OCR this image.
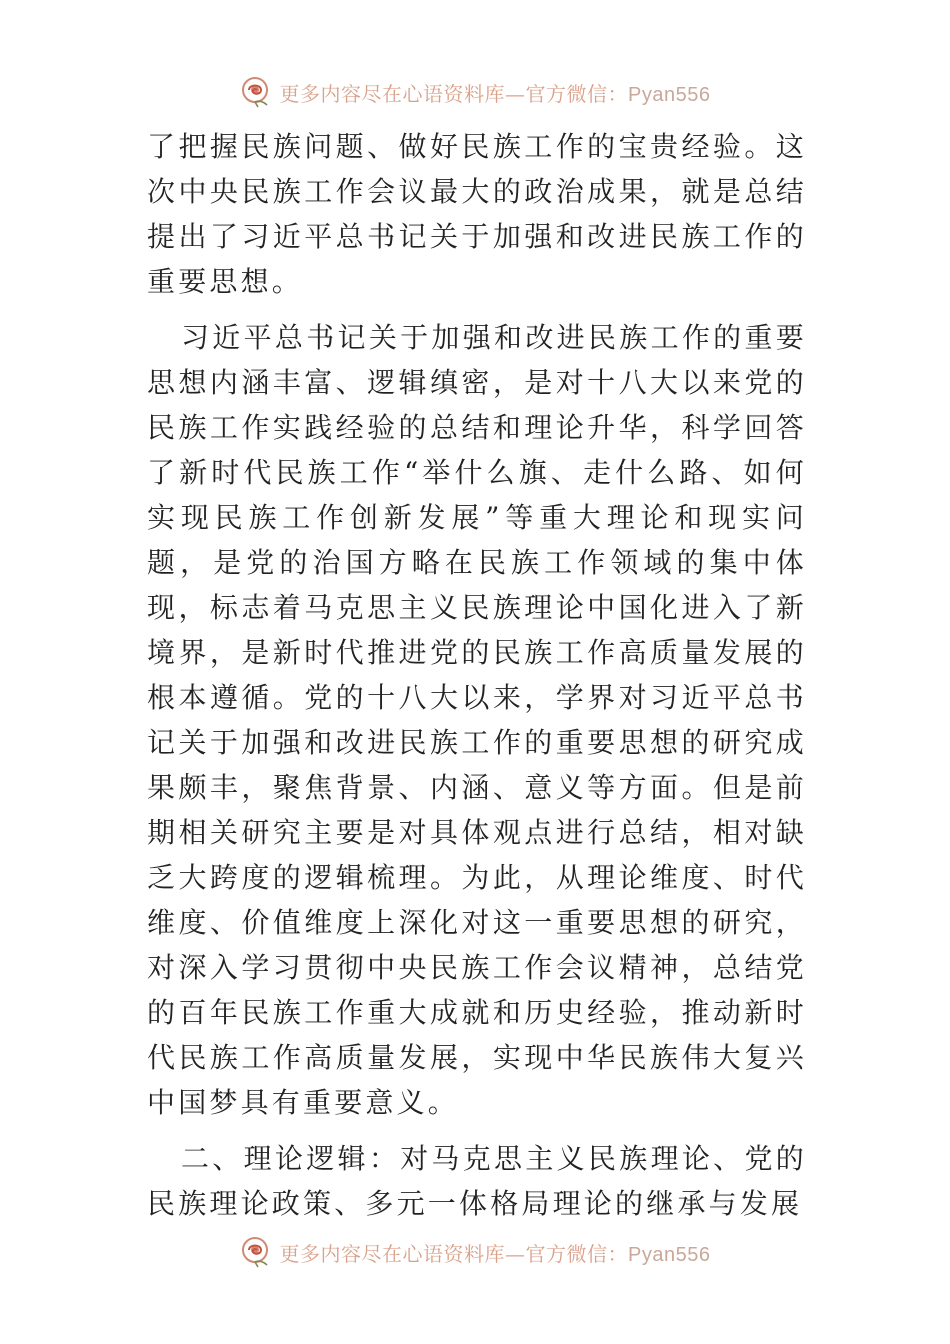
更多内容尽在心语资料库—官方微信：Pyan556

了把握民族问题、做好民族工作的宝贵经验。这次中央民族工作会议最大的政治成果，就是总结提出了习近平总书记关于加强和改进民族工作的重要思想。

习近平总书记关于加强和改进民族工作的重要思想内涵丰富、逻辑缜密，是对十八大以来党的民族工作实践经验的总结和理论升华，科学回答了新时代民族工作“举什么旗、走什么路、如何实现民族工作创新发展”等重大理论和现实问题，是党的治国方略在民族工作领域的集中体现，标志着马克思主义民族理论中国化进入了新境界，是新时代推进党的民族工作高质量发展的根本遵循。党的十八大以来，学界对习近平总书记关于加强和改进民族工作的重要思想的研究成果颇丰，聚焦背景、内涵、意义等方面。但是前期相关研究主要是对具体观点进行总结，相对缺乏大跨度的逻辑梳理。为此，从理论维度、时代维度、价值维度上深化对这一重要思想的研究，对深入学习贯彻中央民族工作会议精神，总结党的百年民族工作重大成就和历史经验，推动新时代民族工作高质量发展，实现中华民族伟大复兴中国梦具有重要意义。

二、理论逻辑：对马克思主义民族理论、党的民族理论政策、多元一体格局理论的继承与发展

更多内容尽在心语资料库—官方微信：Pyan556
